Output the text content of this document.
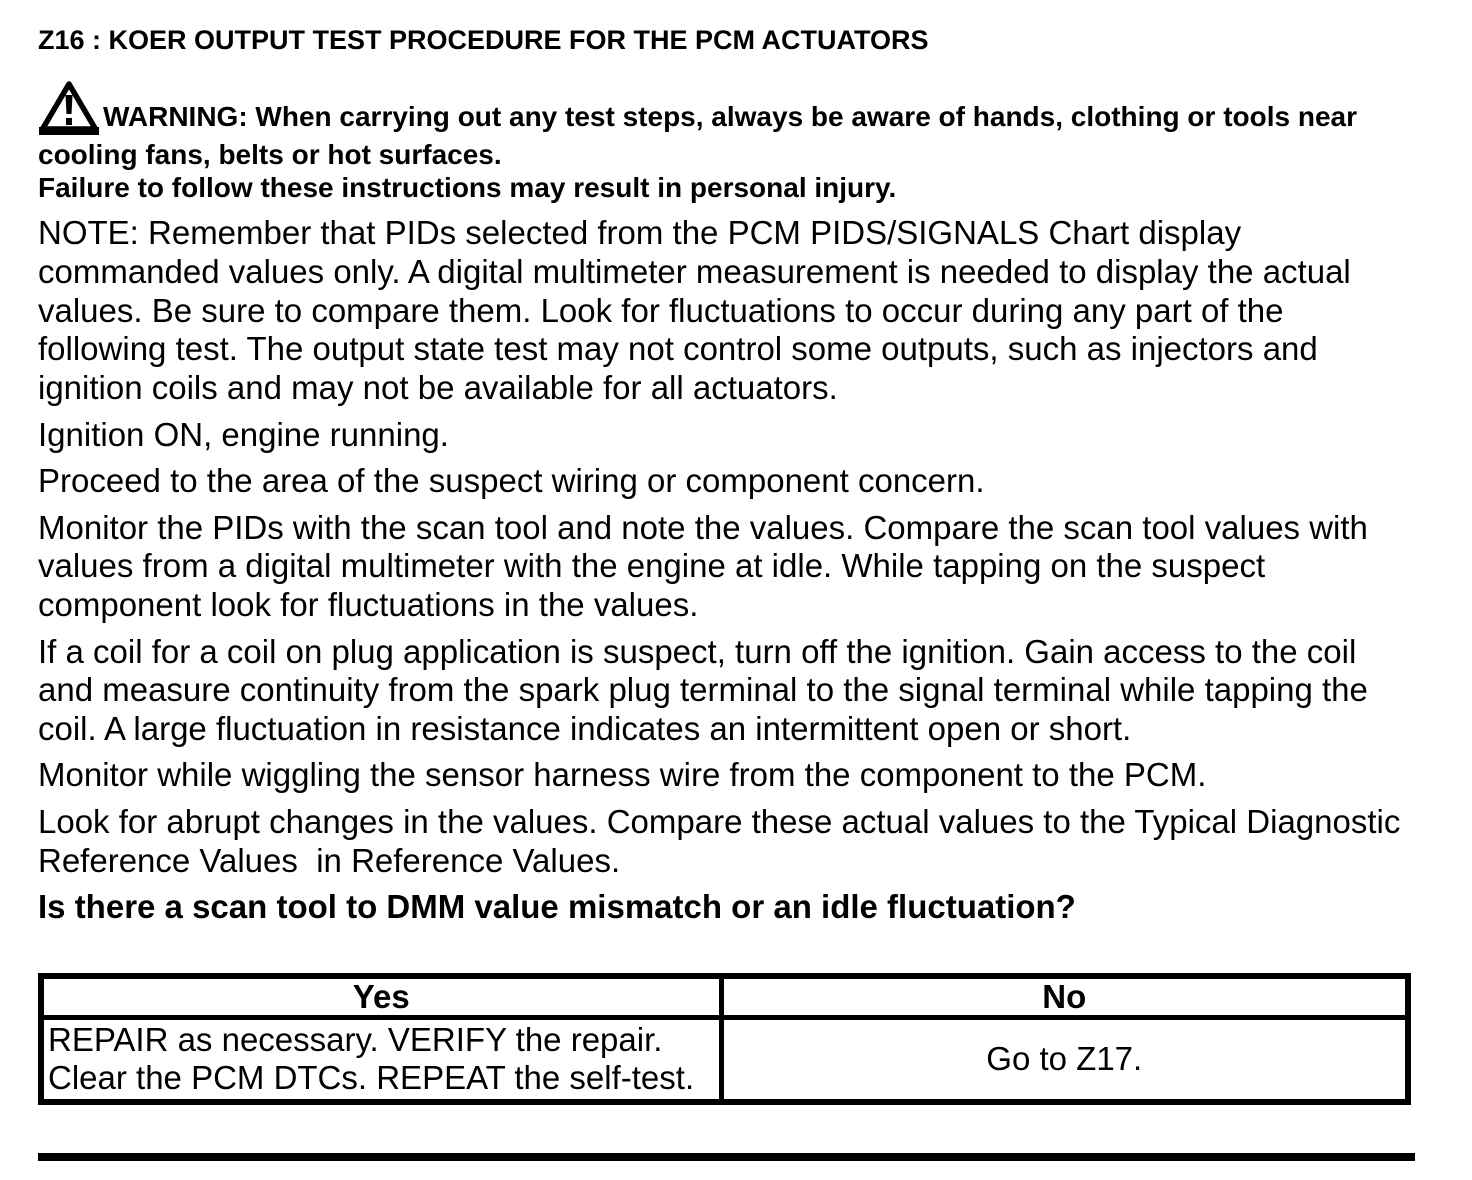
Z16 : KOER OUTPUT TEST PROCEDURE FOR THE PCM ACTUATORS
WARNING: When carrying out any test steps, always be aware of hands, clothing or tools near
cooling fans, belts or hot surfaces.
Failure to follow these instructions may result in personal injury.

NOTE: Remember that PIDs selected from the PCM PIDS/SIGNALS Chart display commanded values only. A digital multimeter measurement is needed to display the actual values. Be sure to compare them. Look for fluctuations to occur during any part of the following test. The output state test may not control some outputs, such as injectors and ignition coils and may not be available for all actuators.

Ignition ON, engine running.

Proceed to the area of the suspect wiring or component concern.

Monitor the PIDs with the scan tool and note the values. Compare the scan tool values with values from a digital multimeter with the engine at idle. While tapping on the suspect component look for fluctuations in the values.

If a coil for a coil on plug application is suspect, turn off the ignition. Gain access to the coil and measure continuity from the spark plug terminal to the signal terminal while tapping the coil. A large fluctuation in resistance indicates an intermittent open or short.

Monitor while wiggling the sensor harness wire from the component to the PCM.

Look for abrupt changes in the values. Compare these actual values to the Typical Diagnostic Reference Values  in Reference Values.

Is there a scan tool to DMM value mismatch or an idle fluctuation?

Yes	No
REPAIR as necessary. VERIFY the repair. Clear the PCM DTCs. REPEAT the self-test.	Go to Z17.
